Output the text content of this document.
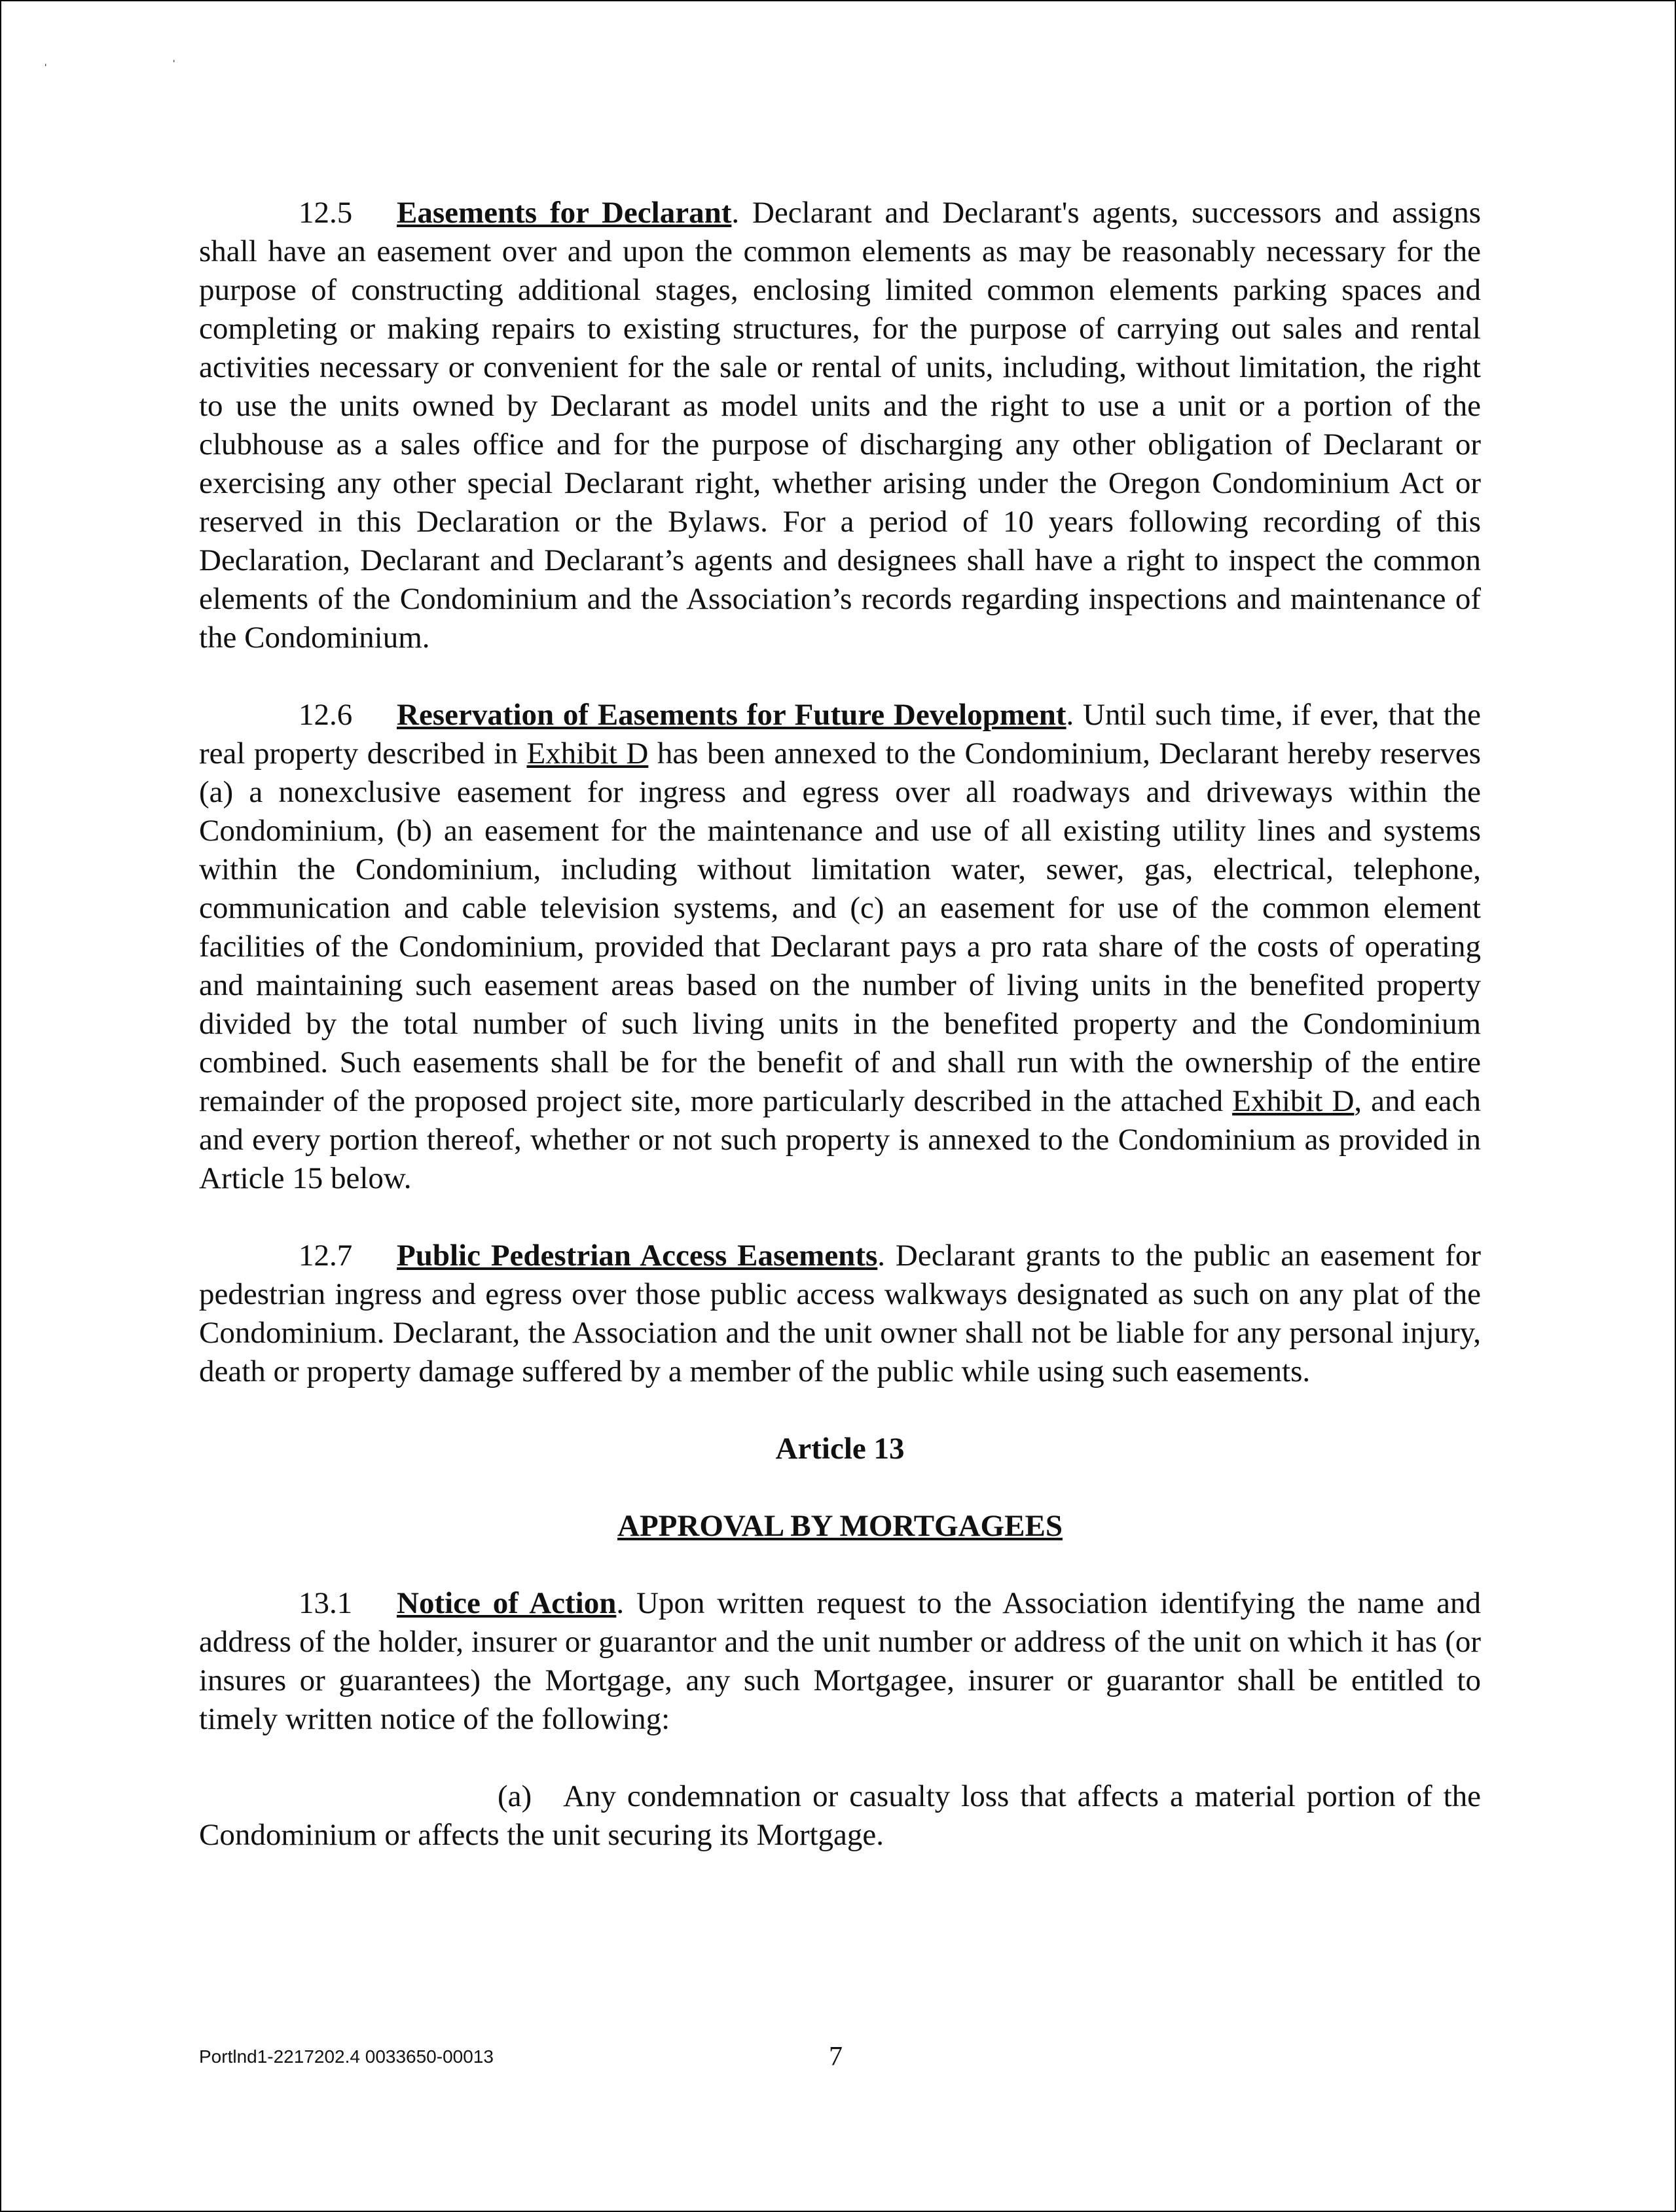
ˌ	ˌ

12.5 Easements for Declarant. Declarant and Declarant's agents, successors and assigns shall have an easement over and upon the common elements as may be reasonably necessary for the purpose of constructing additional stages, enclosing limited common elements parking spaces and completing or making repairs to existing structures, for the purpose of carrying out sales and rental activities necessary or convenient for the sale or rental of units, including, without limitation, the right to use the units owned by Declarant as model units and the right to use a unit or a portion of the clubhouse as a sales office and for the purpose of discharging any other obligation of Declarant or exercising any other special Declarant right, whether arising under the Oregon Condominium Act or reserved in this Declaration or the Bylaws. For a period of 10 years following recording of this Declaration, Declarant and Declarant’s agents and designees shall have a right to inspect the common elements of the Condominium and the Association’s records regarding inspections and maintenance of the Condominium.

12.6 Reservation of Easements for Future Development. Until such time, if ever, that the real property described in Exhibit D has been annexed to the Condominium, Declarant hereby reserves (a) a nonexclusive easement for ingress and egress over all roadways and driveways within the Condominium, (b) an easement for the maintenance and use of all existing utility lines and systems within the Condominium, including without limitation water, sewer, gas, electrical, telephone, communication and cable television systems, and (c) an easement for use of the common element facilities of the Condominium, provided that Declarant pays a pro rata share of the costs of operating and maintaining such easement areas based on the number of living units in the benefited property divided by the total number of such living units in the benefited property and the Condominium combined. Such easements shall be for the benefit of and shall run with the ownership of the entire remainder of the proposed project site, more particularly described in the attached Exhibit D, and each and every portion thereof, whether or not such property is annexed to the Condominium as provided in Article 15 below.

12.7 Public Pedestrian Access Easements. Declarant grants to the public an easement for pedestrian ingress and egress over those public access walkways designated as such on any plat of the Condominium. Declarant, the Association and the unit owner shall not be liable for any personal injury, death or property damage suffered by a member of the public while using such easements.

Article 13

APPROVAL BY MORTGAGEES

13.1 Notice of Action. Upon written request to the Association identifying the name and address of the holder, insurer or guarantor and the unit number or address of the unit on which it has (or insures or guarantees) the Mortgage, any such Mortgagee, insurer or guarantor shall be entitled to timely written notice of the following:

(a) Any condemnation or casualty loss that affects a material portion of the Condominium or affects the unit securing its Mortgage.

Portlnd1-2217202.4 0033650-00013	7
